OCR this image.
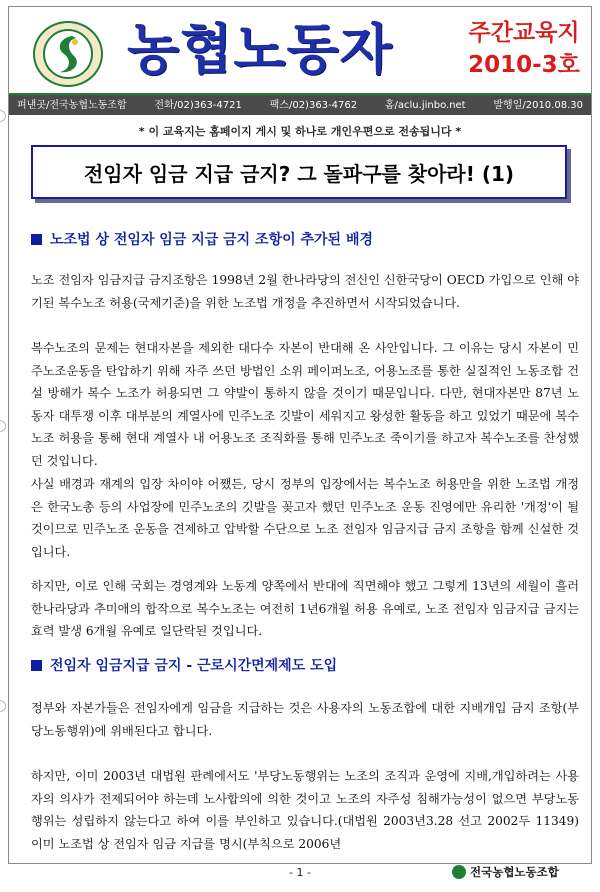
농협노동자	주간교육지
2010-3호
펴낸곳/전국농협노동조합	전화/02)363-4721	팩스/02)363-4762	홈/aclu.jinbo.net	발행일/2010.08.30
* 이 교육지는 홈페이지 게시 및 하나로 개인우편으로 전송됩니다 *
전임자 임금 지급 금지? 그 돌파구를 찾아라! (1)
노조법 상 전임자 임금 지급 금지 조항이 추가된 배경
노조 전임자 임금지급 금지조항은 1998년 2월 한나라당의 전신인 신한국당이 OECD 가입으로 인해 야기된 복수노조 허용(국제기준)을 위한 노조법 개정을 추진하면서 시작되었습니다.
복수노조의 문제는 현대자본을 제외한 대다수 자본이 반대해 온 사안입니다. 그 이유는 당시 자본이 민주노조운동을 탄압하기 위해 자주 쓰던 방법인 소위 페이퍼노조, 어용노조를 통한 실질적인 노동조합 건설 방해가 복수 노조가 허용되면 그 약발이 통하지 않을 것이기 때문입니다. 다만, 현대자본만 87년 노동자 대투쟁 이후 대부분의 계열사에 민주노조 깃발이 세워지고 왕성한 활동을 하고 있었기 때문에 복수노조 허용을 통해 현대 계열사 내 어용노조 조직화를 통해 민주노조 죽이기를 하고자 복수노조를 찬성했던 것입니다.
사실 배경과 재계의 입장 차이야 어쨌든, 당시 정부의 입장에서는 복수노조 허용만을 위한 노조법 개정은 한국노총 등의 사업장에 민주노조의 깃발을 꽂고자 했던 민주노조 운동 진영에만 유리한 '개정'이 될 것이므로 민주노조 운동을 견제하고 압박할 수단으로 노조 전임자 임금지급 금지 조항을 함께 신설한 것입니다.
하지만, 이로 인해 국회는 경영계와 노동계 양쪽에서 반대에 직면해야 했고 그렇게 13년의 세월이 흘러 한나라당과 추미애의 합작으로 복수노조는 여전히 1년6개월 허용 유예로, 노조 전임자 임금지급 금지는 효력 발생 6개월 유예로 일단락된 것입니다.
전임자 임금지급 금지 - 근로시간면제제도 도입
정부와 자본가들은 전임자에게 임금을 지급하는 것은 사용자의 노동조합에 대한 지배개입 금지 조항(부당노동행위)에 위배된다고 합니다.
하지만, 이미 2003년 대법원 판례에서도 '부당노동행위는 노조의 조직과 운영에 지배,개입하려는 사용자의 의사가 전제되어야 하는데 노사합의에 의한 것이고 노조의 자주성 침해가능성이 없으면 부당노동행위는 성립하지 않는다고 하여 이를 부인하고 있습니다.(대법원 2003년3.28 선고 2002두 11349) 이미 노조법 상 전임자 임금 지급를 명시(부칙으로 2006년
- 1 -	전국농협노동조합
